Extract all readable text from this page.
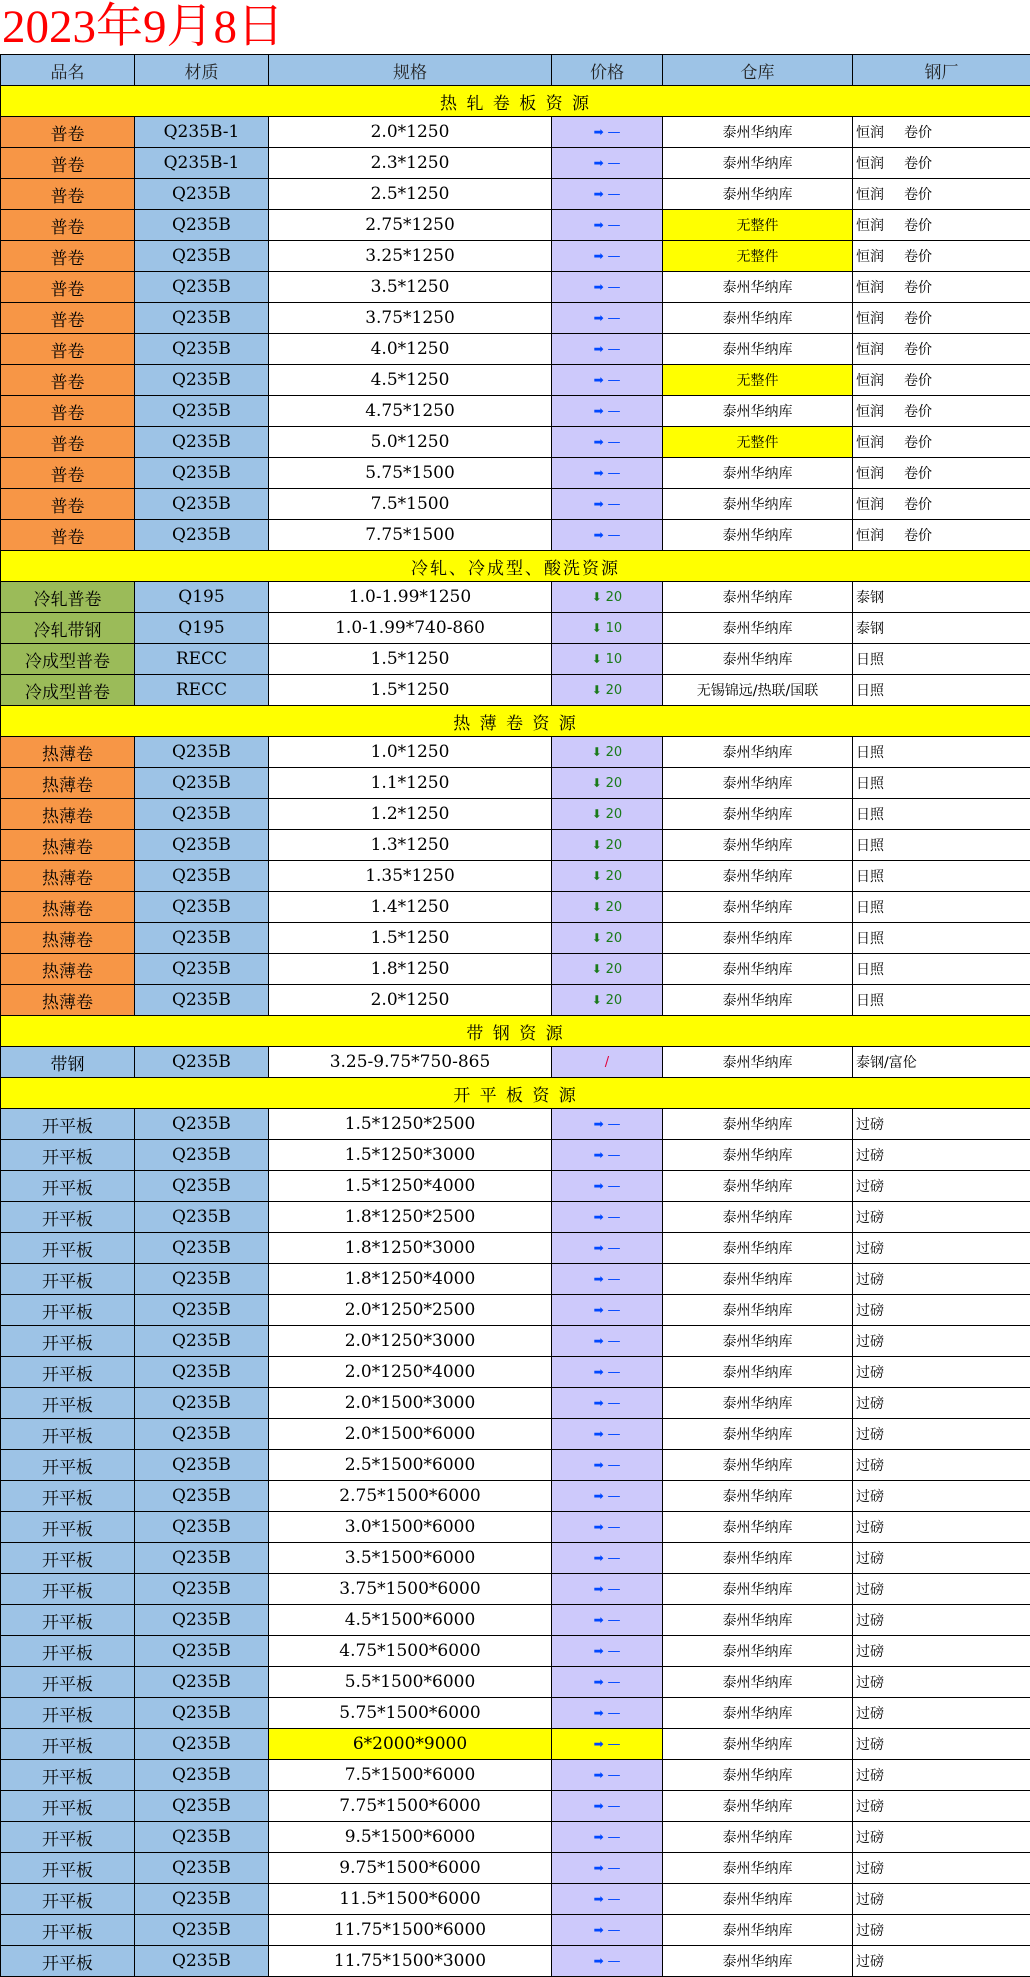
2023年9月8日
品名	材质	规格	价格	仓库	钢厂
热 轧 卷 板 资 源					
普卷	Q235B-1	2.0*1250	➡ —	泰州华纳库	恒润 卷价
普卷	Q235B-1	2.3*1250	➡ —	泰州华纳库	恒润 卷价
普卷	Q235B	2.5*1250	➡ —	泰州华纳库	恒润 卷价
普卷	Q235B	2.75*1250	➡ —	无整件	恒润 卷价
普卷	Q235B	3.25*1250	➡ —	无整件	恒润 卷价
普卷	Q235B	3.5*1250	➡ —	泰州华纳库	恒润 卷价
普卷	Q235B	3.75*1250	➡ —	泰州华纳库	恒润 卷价
普卷	Q235B	4.0*1250	➡ —	泰州华纳库	恒润 卷价
普卷	Q235B	4.5*1250	➡ —	无整件	恒润 卷价
普卷	Q235B	4.75*1250	➡ —	泰州华纳库	恒润 卷价
普卷	Q235B	5.0*1250	➡ —	无整件	恒润 卷价
普卷	Q235B	5.75*1500	➡ —	泰州华纳库	恒润 卷价
普卷	Q235B	7.5*1500	➡ —	泰州华纳库	恒润 卷价
普卷	Q235B	7.75*1500	➡ —	泰州华纳库	恒润 卷价
冷轧、冷成型、酸洗资源					
冷轧普卷	Q195	1.0-1.99*1250	⬇ 20	泰州华纳库	泰钢
冷轧带钢	Q195	1.0-1.99*740-860	⬇ 10	泰州华纳库	泰钢
冷成型普卷	RECC	1.5*1250	⬇ 10	泰州华纳库	日照
冷成型普卷	RECC	1.5*1250	⬇ 20	无锡锦远/热联/国联	日照
热 薄 卷 资 源					
热薄卷	Q235B	1.0*1250	⬇ 20	泰州华纳库	日照
热薄卷	Q235B	1.1*1250	⬇ 20	泰州华纳库	日照
热薄卷	Q235B	1.2*1250	⬇ 20	泰州华纳库	日照
热薄卷	Q235B	1.3*1250	⬇ 20	泰州华纳库	日照
热薄卷	Q235B	1.35*1250	⬇ 20	泰州华纳库	日照
热薄卷	Q235B	1.4*1250	⬇ 20	泰州华纳库	日照
热薄卷	Q235B	1.5*1250	⬇ 20	泰州华纳库	日照
热薄卷	Q235B	1.8*1250	⬇ 20	泰州华纳库	日照
热薄卷	Q235B	2.0*1250	⬇ 20	泰州华纳库	日照
带 钢 资 源					
带钢	Q235B	3.25-9.75*750-865	/	泰州华纳库	泰钢/富伦
开 平 板 资 源					
开平板	Q235B	1.5*1250*2500	➡ —	泰州华纳库	过磅
开平板	Q235B	1.5*1250*3000	➡ —	泰州华纳库	过磅
开平板	Q235B	1.5*1250*4000	➡ —	泰州华纳库	过磅
开平板	Q235B	1.8*1250*2500	➡ —	泰州华纳库	过磅
开平板	Q235B	1.8*1250*3000	➡ —	泰州华纳库	过磅
开平板	Q235B	1.8*1250*4000	➡ —	泰州华纳库	过磅
开平板	Q235B	2.0*1250*2500	➡ —	泰州华纳库	过磅
开平板	Q235B	2.0*1250*3000	➡ —	泰州华纳库	过磅
开平板	Q235B	2.0*1250*4000	➡ —	泰州华纳库	过磅
开平板	Q235B	2.0*1500*3000	➡ —	泰州华纳库	过磅
开平板	Q235B	2.0*1500*6000	➡ —	泰州华纳库	过磅
开平板	Q235B	2.5*1500*6000	➡ —	泰州华纳库	过磅
开平板	Q235B	2.75*1500*6000	➡ —	泰州华纳库	过磅
开平板	Q235B	3.0*1500*6000	➡ —	泰州华纳库	过磅
开平板	Q235B	3.5*1500*6000	➡ —	泰州华纳库	过磅
开平板	Q235B	3.75*1500*6000	➡ —	泰州华纳库	过磅
开平板	Q235B	4.5*1500*6000	➡ —	泰州华纳库	过磅
开平板	Q235B	4.75*1500*6000	➡ —	泰州华纳库	过磅
开平板	Q235B	5.5*1500*6000	➡ —	泰州华纳库	过磅
开平板	Q235B	5.75*1500*6000	➡ —	泰州华纳库	过磅
开平板	Q235B	6*2000*9000	➡ —	泰州华纳库	过磅
开平板	Q235B	7.5*1500*6000	➡ —	泰州华纳库	过磅
开平板	Q235B	7.75*1500*6000	➡ —	泰州华纳库	过磅
开平板	Q235B	9.5*1500*6000	➡ —	泰州华纳库	过磅
开平板	Q235B	9.75*1500*6000	➡ —	泰州华纳库	过磅
开平板	Q235B	11.5*1500*6000	➡ —	泰州华纳库	过磅
开平板	Q235B	11.75*1500*6000	➡ —	泰州华纳库	过磅
开平板	Q235B	11.75*1500*3000	➡ —	泰州华纳库	过磅
